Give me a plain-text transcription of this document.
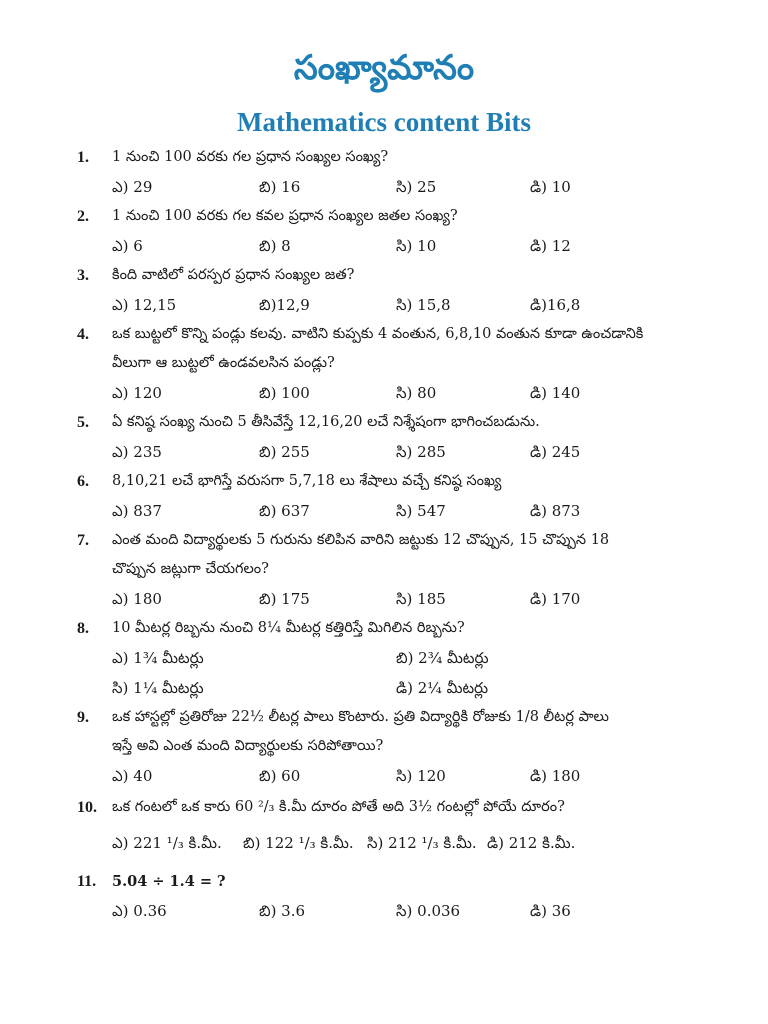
సంఖ్యామానం
Mathematics content Bits
1. 1 నుంచి 100 వరకు గల ప్రధాన సంఖ్యల సంఖ్య?
ఎ) 29	బి) 16	సి) 25	డి) 10
2. 1 నుంచి 100 వరకు గల కవల ప్రధాన సంఖ్యల జతల సంఖ్య?
ఎ) 6	బి) 8	సి) 10	డి) 12
3. కింది వాటిలో పరస్పర ప్రధాన సంఖ్యల జత?
ఎ) 12,15	బి)12,9	సి) 15,8	డి)16,8
4. ఒక బుట్టలో కొన్ని పండ్లు కలవు. వాటిని కుప్పకు 4 వంతున, 6,8,10 వంతున కూడా ఉంచడానికి
వీలుగా ఆ బుట్టలో ఉండవలసిన పండ్లు?
ఎ) 120	బి) 100	సి) 80	డి) 140
5. ఏ కనిష్ఠ సంఖ్య నుంచి 5 తీసివేస్తే 12,16,20 లచే నిశ్శేషంగా భాగించబడును.
ఎ) 235	బి) 255	సి) 285	డి) 245
6. 8,10,21 లచే భాగిస్తే వరుసగా 5,7,18 లు శేషాలు వచ్చే కనిష్ఠ సంఖ్య
ఎ) 837	బి) 637	సి) 547	డి) 873
7. ఎంత మంది విద్యార్థులకు 5 గురును కలిపిన వారిని జట్టుకు 12 చొప్పున, 15 చొప్పున 18
చొప్పున జట్లుగా చేయగలం?
ఎ) 180	బి) 175	సి) 185	డి) 170
8. 10 మీటర్ల రిబ్బను నుంచి 8¼ మీటర్ల కత్తిరిస్తే మిగిలిన రిబ్బను?
ఎ) 1¾ మీటర్లు	బి) 2¾ మీటర్లు
సి) 1¼ మీటర్లు	డి) 2¼ మీటర్లు
9. ఒక హాస్టల్లో ప్రతిరోజు 22½ లీటర్ల పాలు కొంటారు. ప్రతి విద్యార్థికి రోజుకు 1/8 లీటర్ల పాలు
ఇస్తే అవి ఎంత మంది విద్యార్థులకు సరిపోతాయి?
ఎ) 40	బి) 60	సి) 120	డి) 180
10. ఒక గంటలో ఒక కారు 60 ²/₃ కి.మీ దూరం పోతే అది 3½ గంటల్లో పోయే దూరం?
ఎ) 221 ¹/₃ కి.మీ. బి) 122 ¹/₃ కి.మీ. సి) 212 ¹/₃ కి.మీ. డి) 212 కి.మీ.
11. 5.04 ÷ 1.4 = ?
ఎ) 0.36	బి) 3.6	సి) 0.036	డి) 36
